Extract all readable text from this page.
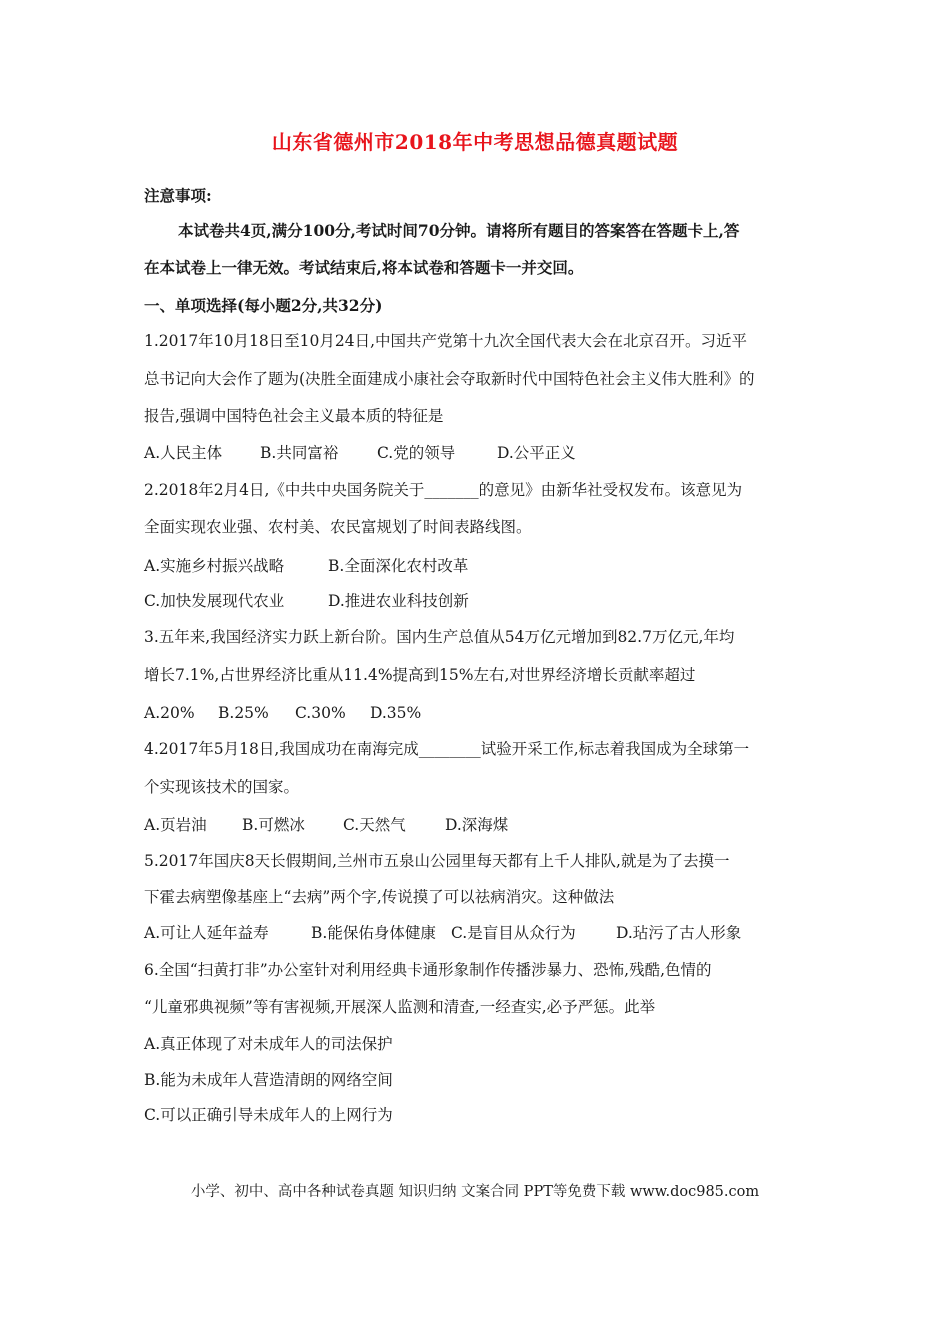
山东省德州市2018年中考思想品德真题试题
注意事项:
本试卷共4页,满分100分,考试时间70分钟。请将所有题目的答案答在答题卡上,答
在本试卷上一律无效。考试结束后,将本试卷和答题卡一并交回。
一、单项选择(每小题2分,共32分)
1.2017年10月18日至10月24日,中国共产党第十九次全国代表大会在北京召开。习近平
总书记向大会作了题为(决胜全面建成小康社会夺取新时代中国特色社会主义伟大胜利》的
报告,强调中国特色社会主义最本质的特征是
A.人民主体 B.共同富裕 C.党的领导	D.公平正义
2.2018年2月4日,《中共中央国务院关于_______的意见》由新华社受权发布。该意见为
全面实现农业强、农村美、农民富规划了时间表路线图。
A.实施乡村振兴战略	B.全面深化农村改革
C.加快发展现代农业	D.推进农业科技创新
3.五年来,我国经济实力跃上新台阶。国内生产总值从54万亿元增加到82.7万亿元,年均
增长7.1%,占世界经济比重从11.4%提高到15%左右,对世界经济增长贡献率超过
A.20% B.25% C.30% D.35%
4.2017年5月18日,我国成功在南海完成________试验开采工作,标志着我国成为全球第一
个实现该技术的国家。
A.页岩油 B.可燃冰 C.天然气	D.深海煤
5.2017年国庆8天长假期间,兰州市五泉山公园里每天都有上千人排队,就是为了去摸一
下霍去病塑像基座上“去病”两个字,传说摸了可以祛病消灾。这种做法
A.可让人延年益寿	B.能保佑身体健康 C.是盲目从众行为	D.玷污了古人形象
6.全国“扫黄打非”办公室针对利用经典卡通形象制作传播涉暴力、恐怖,残酷,色情的
“儿童邪典视频”等有害视频,开展深人监测和清查,一经查实,必予严惩。此举
A.真正体现了对未成年人的司法保护
B.能为未成年人营造清朗的网络空间
C.可以正确引导未成年人的上网行为
小学、初中、高中各种试卷真题 知识归纳 文案合同 PPT等免费下载 www.doc985.com
